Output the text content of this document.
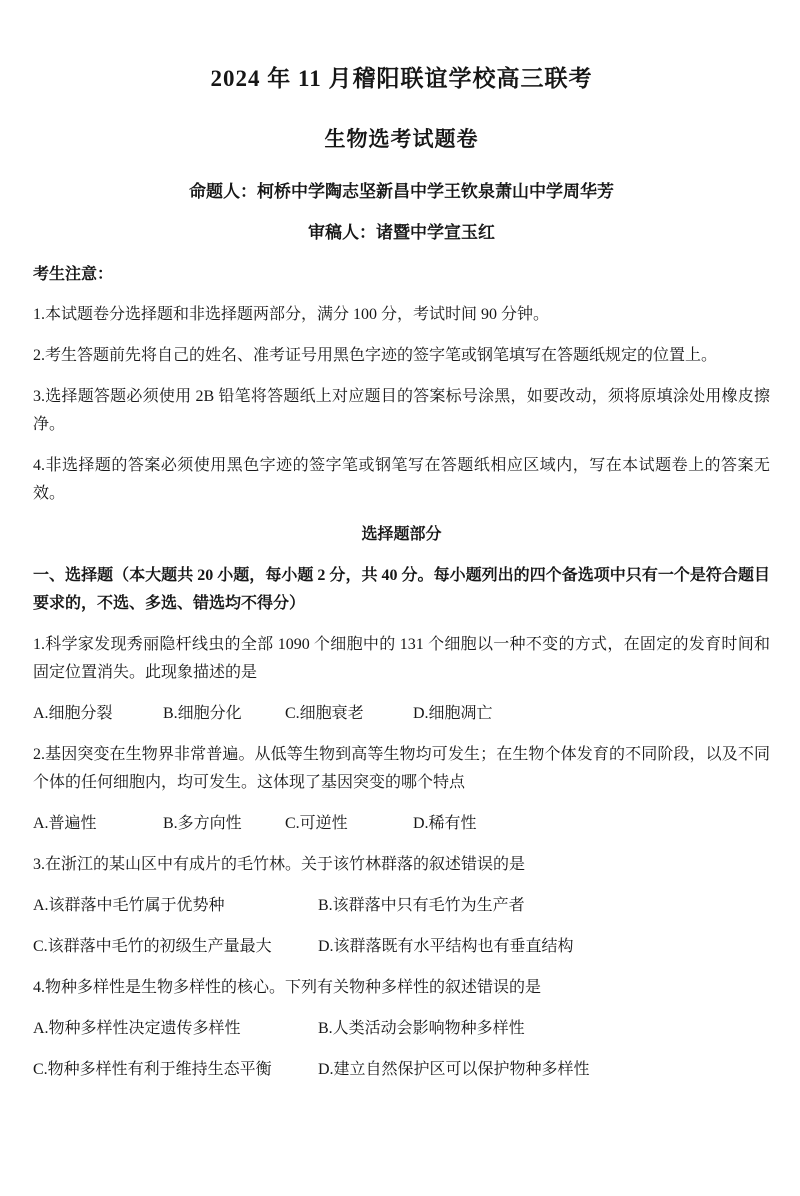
2024 年 11 月稽阳联谊学校高三联考
生物选考试题卷

命题人：柯桥中学陶志坚新昌中学王钦泉萧山中学周华芳

审稿人：诸暨中学宣玉红

考生注意：

1.本试题卷分选择题和非选择题两部分，满分 100 分，考试时间 90 分钟。

2.考生答题前先将自己的姓名、准考证号用黑色字迹的签字笔或钢笔填写在答题纸规定的位置上。

3.选择题答题必须使用 2B 铅笔将答题纸上对应题目的答案标号涂黑，如要改动，须将原填涂处用橡皮擦净。

4.非选择题的答案必须使用黑色字迹的签字笔或钢笔写在答题纸相应区域内，写在本试题卷上的答案无效。

选择题部分

一、选择题（本大题共 20 小题，每小题 2 分，共 40 分。每小题列出的四个备选项中只有一个是符合题目要求的，不选、多选、错选均不得分）

1.科学家发现秀丽隐杆线虫的全部 1090 个细胞中的 131 个细胞以一种不变的方式，在固定的发育时间和固定位置消失。此现象描述的是

A.细胞分裂	B.细胞分化	C.细胞衰老	D.细胞凋亡

2.基因突变在生物界非常普遍。从低等生物到高等生物均可发生；在生物个体发育的不同阶段，以及不同个体的任何细胞内，均可发生。这体现了基因突变的哪个特点

A.普遍性	B.多方向性	C.可逆性	D.稀有性

3.在浙江的某山区中有成片的毛竹林。关于该竹林群落的叙述错误的是

A.该群落中毛竹属于优势种	B.该群落中只有毛竹为生产者
C.该群落中毛竹的初级生产量最大	D.该群落既有水平结构也有垂直结构

4.物种多样性是生物多样性的核心。下列有关物种多样性的叙述错误的是

A.物种多样性决定遗传多样性	B.人类活动会影响物种多样性
C.物种多样性有利于维持生态平衡	D.建立自然保护区可以保护物种多样性
